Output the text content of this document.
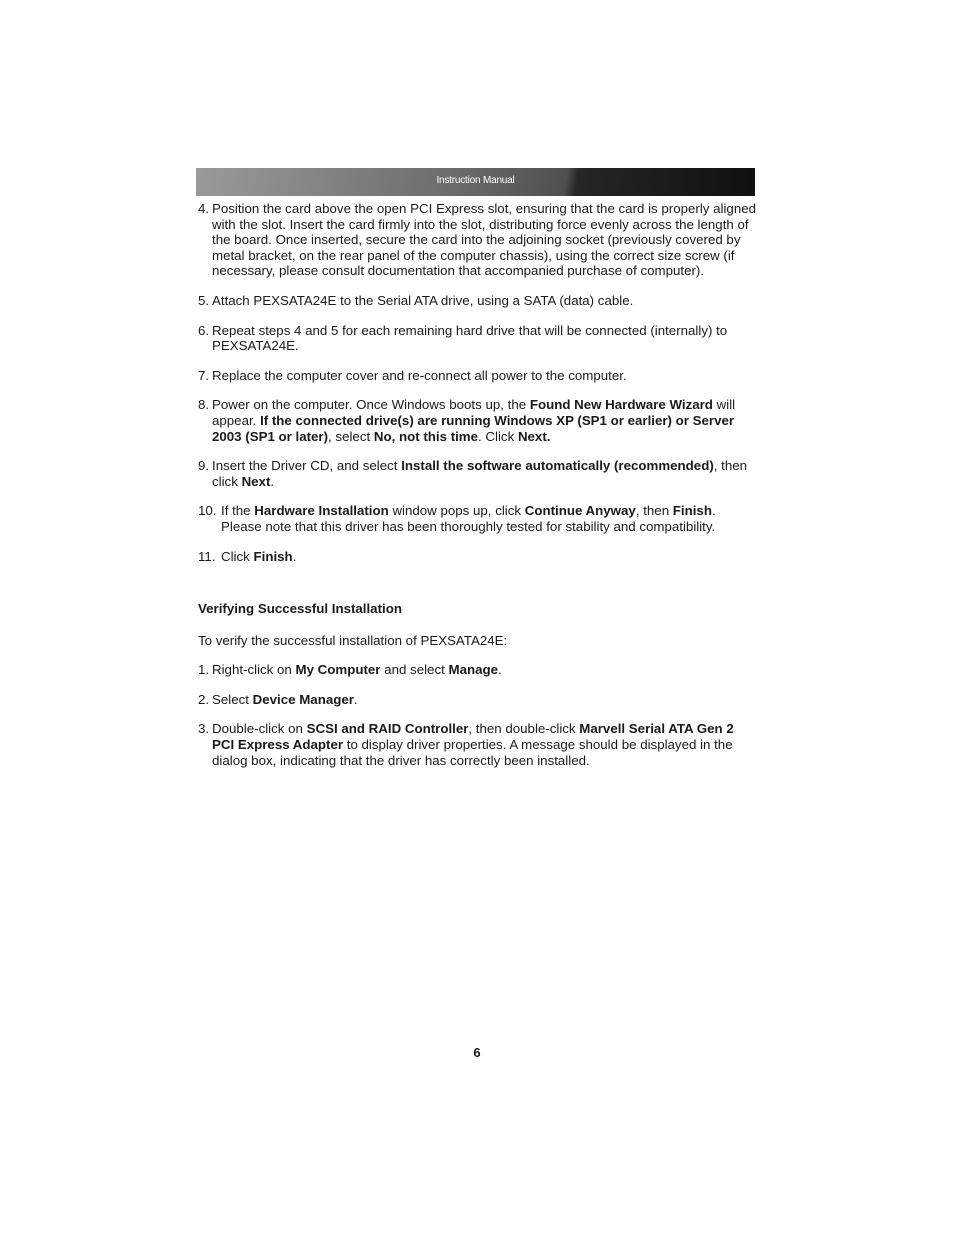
Instruction Manual

4. Position the card above the open PCI Express slot, ensuring that the card is properly aligned with the slot. Insert the card firmly into the slot, distributing force evenly across the length of the board. Once inserted, secure the card into the adjoining socket (previously covered by metal bracket, on the rear panel of the computer chassis), using the correct size screw (if necessary, please consult documentation that accompanied purchase of computer).

5. Attach PEXSATA24E to the Serial ATA drive, using a SATA (data) cable.

6. Repeat steps 4 and 5 for each remaining hard drive that will be connected (internally) to PEXSATA24E.

7. Replace the computer cover and re-connect all power to the computer.

8. Power on the computer. Once Windows boots up, the Found New Hardware Wizard will appear. If the connected drive(s) are running Windows XP (SP1 or earlier) or Server 2003 (SP1 or later), select No, not this time. Click Next.

9. Insert the Driver CD, and select Install the software automatically (recommended), then click Next.

10. If the Hardware Installation window pops up, click Continue Anyway, then Finish. Please note that this driver has been thoroughly tested for stability and compatibility.

11. Click Finish.

Verifying Successful Installation

To verify the successful installation of PEXSATA24E:

1. Right-click on My Computer and select Manage.

2. Select Device Manager.

3. Double-click on SCSI and RAID Controller, then double-click Marvell Serial ATA Gen 2 PCI Express Adapter to display driver properties. A message should be displayed in the dialog box, indicating that the driver has correctly been installed.

6
